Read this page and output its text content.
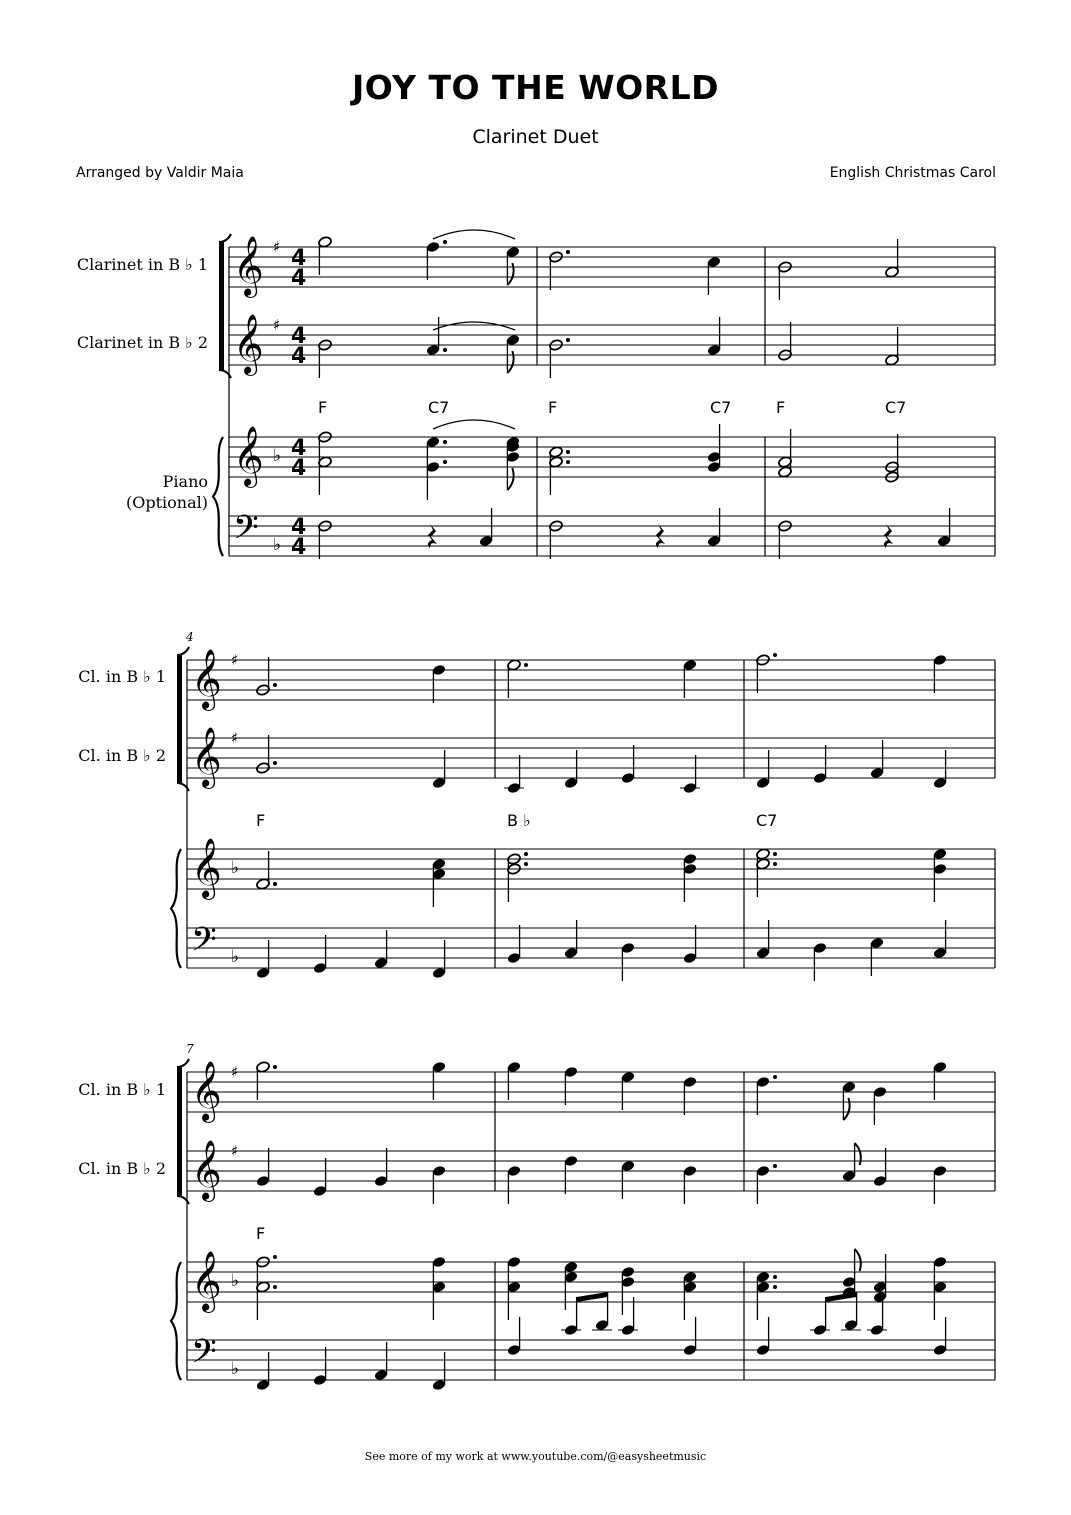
JOY TO THE WORLD
Clarinet Duet
Arranged by Valdir Maia	English Christmas Carol
Clarinet in B ♭ 1
Clarinet in B ♭ 2
Piano
(Optional)
F	C7	F	C7	F	C7
4
Cl. in B ♭ 1
Cl. in B ♭ 2
F	B ♭	C7
7
Cl. in B ♭ 1
Cl. in B ♭ 2
F
𝄞
𝄞
𝄞
𝄢
♯
♯
♭
♭
4
4
4
4
4
4
4
4
𝄞
𝄞
𝄞
𝄢
♯
♯
♭
♭
𝄞
𝄞
𝄞
𝄢
♯
♯
♭
♭
See more of my work at www.youtube.com/@easysheetmusic
